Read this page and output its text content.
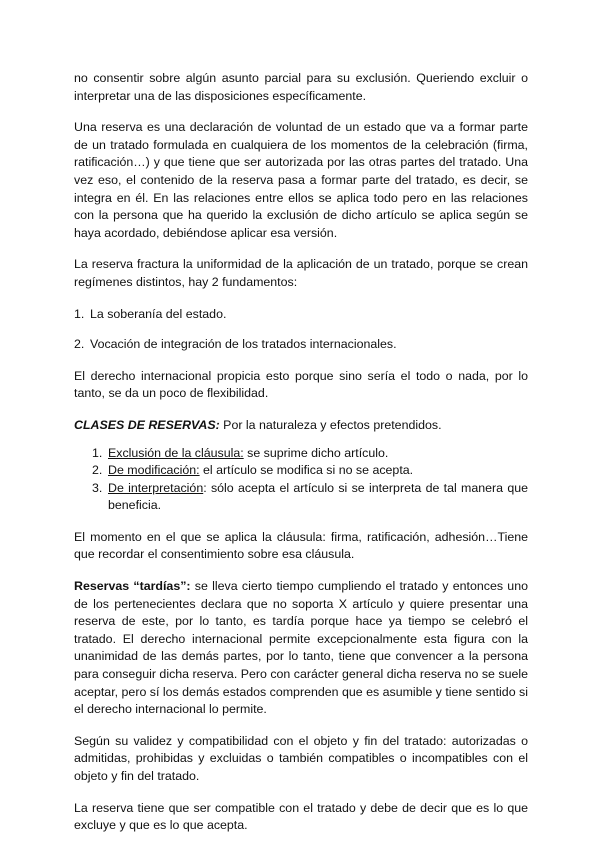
no consentir sobre algún asunto parcial para su exclusión. Queriendo excluir o interpretar una de las disposiciones específicamente.

Una reserva es una declaración de voluntad de un estado que va a formar parte de un tratado formulada en cualquiera de los momentos de la celebración (firma, ratificación…) y que tiene que ser autorizada por las otras partes del tratado. Una vez eso, el contenido de la reserva pasa a formar parte del tratado, es decir, se integra en él. En las relaciones entre ellos se aplica todo pero en las relaciones con la persona que ha querido la exclusión de dicho artículo se aplica según se haya acordado, debiéndose aplicar esa versión.

La reserva fractura la uniformidad de la aplicación de un tratado, porque se crean regímenes distintos, hay 2 fundamentos:

1. La soberanía del estado.
2. Vocación de integración de los tratados internacionales.

El derecho internacional propicia esto porque sino sería el todo o nada, por lo tanto, se da un poco de flexibilidad.

CLASES DE RESERVAS: Por la naturaleza y efectos pretendidos.

1. Exclusión de la cláusula: se suprime dicho artículo.
2. De modificación: el artículo se modifica si no se acepta.
3. De interpretación: sólo acepta el artículo si se interpreta de tal manera que beneficia.

El momento en el que se aplica la cláusula: firma, ratificación, adhesión…Tiene que recordar el consentimiento sobre esa cláusula.

Reservas “tardías”: se lleva cierto tiempo cumpliendo el tratado y entonces uno de los pertenecientes declara que no soporta X artículo y quiere presentar una reserva de este, por lo tanto, es tardía porque hace ya tiempo se celebró el tratado. El derecho internacional permite excepcionalmente esta figura con la unanimidad de las demás partes, por lo tanto, tiene que convencer a la persona para conseguir dicha reserva. Pero con carácter general dicha reserva no se suele aceptar, pero sí los demás estados comprenden que es asumible y tiene sentido si el derecho internacional lo permite.

Según su validez y compatibilidad con el objeto y fin del tratado: autorizadas o admitidas, prohibidas y excluidas o también compatibles o incompatibles con el objeto y fin del tratado.

La reserva tiene que ser compatible con el tratado y debe de decir que es lo que excluye y que es lo que acepta.
